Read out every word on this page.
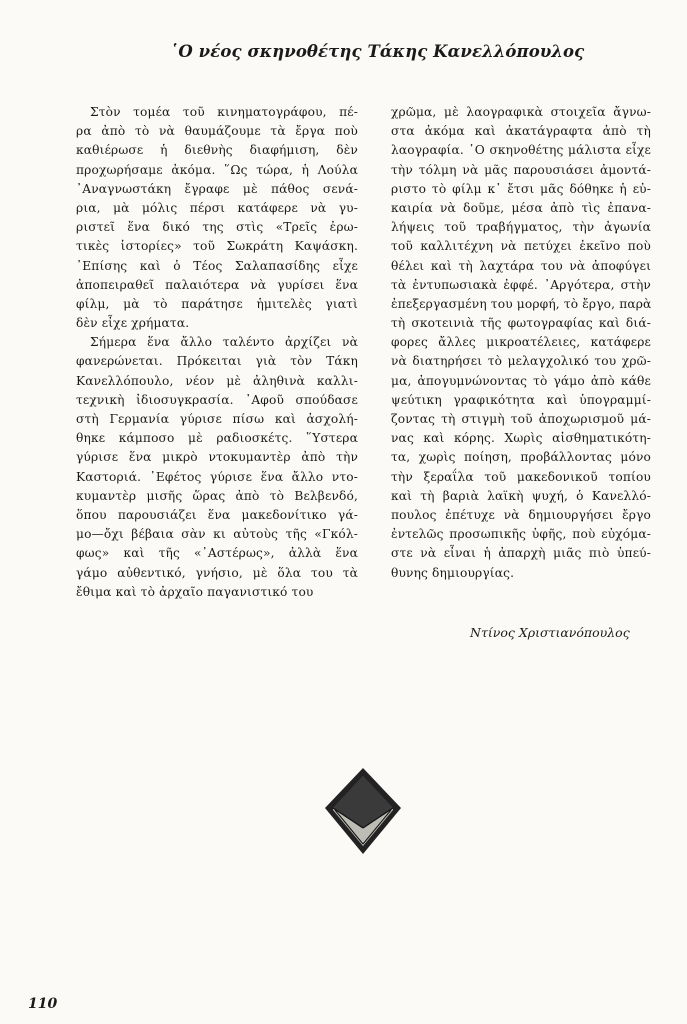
῾Ο νέος σκηνοθέτης Τάκης Κανελλόπουλος
Στὸν τομέα τοῦ κινηματογράφου, πέ-
ρα ἀπὸ τὸ νὰ θαυμάζουμε τὰ ἔργα ποὺ
καθιέρωσε ἡ διεθνὴς διαφήμιση, δὲν
προχωρήσαμε ἀκόμα. ῞Ως τώρα, ἡ Λούλα
᾿Αναγνωστάκη ἔγραφε μὲ πάθος σενά-
ρια, μὰ μόλις πέρσι κατάφερε νὰ γυ-
ριστεῖ ἕνα δικό της στὶς «Τρεῖς ἐρω-
τικὲς ἱστορίες» τοῦ Σωκράτη Καψάσκη.
᾿Επίσης καὶ ὁ Τέος Σαλαπασίδης εἶχε
ἀποπειραθεῖ παλαιότερα νὰ γυρίσει ἕνα
φίλμ, μὰ τὸ παράτησε ἡμιτελὲς γιατὶ
δὲν εἶχε χρήματα.
Σήμερα ἕνα ἄλλο ταλέντο ἀρχίζει νὰ
φανερώνεται. Πρόκειται γιὰ τὸν Τάκη
Κανελλόπουλο, νέον μὲ ἀληθινὰ καλλι-
τεχνικὴ ἰδιοσυγκρασία. ᾿Αφοῦ σπούδασε
στὴ Γερμανία γύρισε πίσω καὶ ἀσχολή-
θηκε κάμποσο μὲ ραδιοσκέτς. ῞Υστερα
γύρισε ἕνα μικρὸ ντοκυμαντὲρ ἀπὸ τὴν
Καστοριά. ᾿Εφέτος γύρισε ἕνα ἄλλο ντο-
κυμαντὲρ μισῆς ὥρας ἀπὸ τὸ Βελβενδό,
ὅπου παρουσιάζει ἕνα μακεδονίτικο γά-
μο—ὄχι βέβαια σὰν κι αὐτοὺς τῆς «Γκόλ-
φως» καὶ τῆς «᾿Αστέρως», ἀλλὰ ἕνα
γάμο αὐθεντικό, γνήσιο, μὲ ὅλα του τὰ
ἔθιμα καὶ τὸ ἀρχαῖο παγανιστικό του
χρῶμα, μὲ λαογραφικὰ στοιχεῖα ἄγνω-
στα ἀκόμα καὶ ἀκατάγραφτα ἀπὸ τὴ
λαογραφία. ῾Ο σκηνοθέτης μάλιστα εἶχε
τὴν τόλμη νὰ μᾶς παρουσιάσει ἀμοντά-
ριστο τὸ φίλμ κ᾿ ἔτσι μᾶς δόθηκε ἡ εὐ-
καιρία νὰ δοῦμε, μέσα ἀπὸ τὶς ἐπανα-
λήψεις τοῦ τραβήγματος, τὴν ἀγωνία
τοῦ καλλιτέχνη νὰ πετύχει ἐκεῖνο ποὺ
θέλει καὶ τὴ λαχτάρα του νὰ ἀποφύγει
τὰ ἐντυπωσιακὰ ἐφφέ. ᾿Αργότερα, στὴν
ἐπεξεργασμένη του μορφή, τὸ ἔργο, παρὰ
τὴ σκοτεινιὰ τῆς φωτογραφίας καὶ διά-
φορες ἄλλες μικροατέλειες, κατάφερε
νὰ διατηρήσει τὸ μελαγχολικό του χρῶ-
μα, ἀπογυμνώνοντας τὸ γάμο ἀπὸ κάθε
ψεύτικη γραφικότητα καὶ ὑπογραμμί-
ζοντας τὴ στιγμὴ τοῦ ἀποχωρισμοῦ μά-
νας καὶ κόρης. Χωρὶς αἰσθηματικότη-
τα, χωρὶς ποίηση, προβάλλοντας μόνο
τὴν ξεραΐλα τοῦ μακεδονικοῦ τοπίου
καὶ τὴ βαριὰ λαϊκὴ ψυχή, ὁ Κανελλό-
πουλος ἐπέτυχε νὰ δημιουργήσει ἔργο
ἐντελῶς προσωπικῆς ὑφῆς, ποὺ εὐχόμα-
στε νὰ εἶναι ἡ ἀπαρχὴ μιᾶς πιὸ ὑπεύ-
θυνης δημιουργίας.
Ντίνος Χριστιανόπουλος
110
